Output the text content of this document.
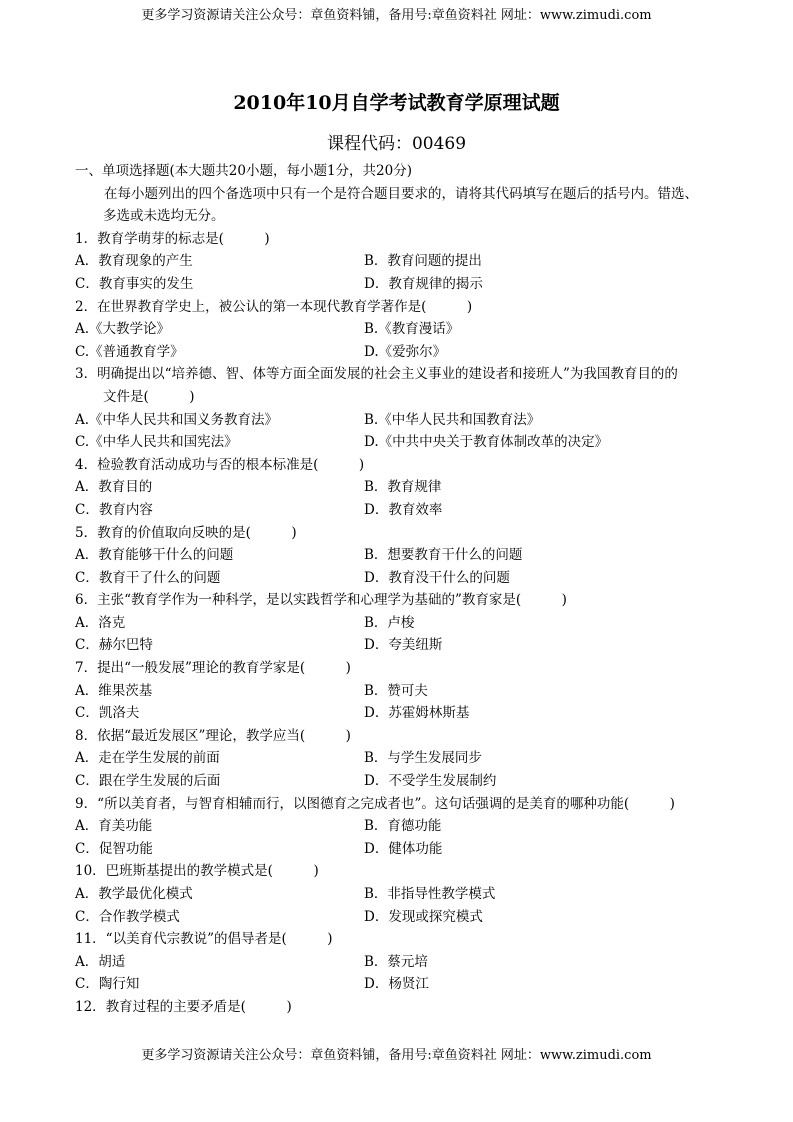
更多学习资源请关注公众号：章鱼资料铺，备用号:章鱼资料社 网址：www.zimudi.com
2010年10月自学考试教育学原理试题
课程代码：00469
一、单项选择题(本大题共20小题，每小题1分，共20分)
在每小题列出的四个备选项中只有一个是符合题目要求的，请将其代码填写在题后的括号内。错选、
多选或未选均无分。
1．教育学萌芽的标志是(　　　)
A．教育现象的产生	B．教育问题的提出
C．教育事实的发生	D．教育规律的揭示
2．在世界教育学史上，被公认的第一本现代教育学著作是(　　　)
A.《大教学论》	B.《教育漫话》
C.《普通教育学》	D.《爱弥尔》
3．明确提出以“培养德、智、体等方面全面发展的社会主义事业的建设者和接班人”为我国教育目的的
文件是(　　　)
A.《中华人民共和国义务教育法》	B.《中华人民共和国教育法》
C.《中华人民共和国宪法》	D.《中共中央关于教育体制改革的决定》
4．检验教育活动成功与否的根本标准是(　　　)
A．教育目的	B．教育规律
C．教育内容	D．教育效率
5．教育的价值取向反映的是(　　　)
A．教育能够干什么的问题	B．想要教育干什么的问题
C．教育干了什么的问题	D．教育没干什么的问题
6．主张“教育学作为一种科学，是以实践哲学和心理学为基础的”教育家是(　　　)
A．洛克	B．卢梭
C．赫尔巴特	D．夸美纽斯
7．提出“一般发展”理论的教育学家是(　　　)
A．维果茨基	B．赞可夫
C．凯洛夫	D．苏霍姆林斯基
8．依据“最近发展区”理论，教学应当(　　　)
A．走在学生发展的前面	B．与学生发展同步
C．跟在学生发展的后面	D．不受学生发展制约
9．“所以美育者，与智育相辅而行，以图德育之完成者也”。这句话强调的是美育的哪种功能(　　　)
A．育美功能	B．育德功能
C．促智功能	D．健体功能
10．巴班斯基提出的教学模式是(　　　)
A．教学最优化模式	B．非指导性教学模式
C．合作教学模式	D．发现或探究模式
11．“以美育代宗教说”的倡导者是(　　　)
A．胡适	B．蔡元培
C．陶行知	D．杨贤江
12．教育过程的主要矛盾是(　　　)
更多学习资源请关注公众号：章鱼资料铺，备用号:章鱼资料社 网址：www.zimudi.com
